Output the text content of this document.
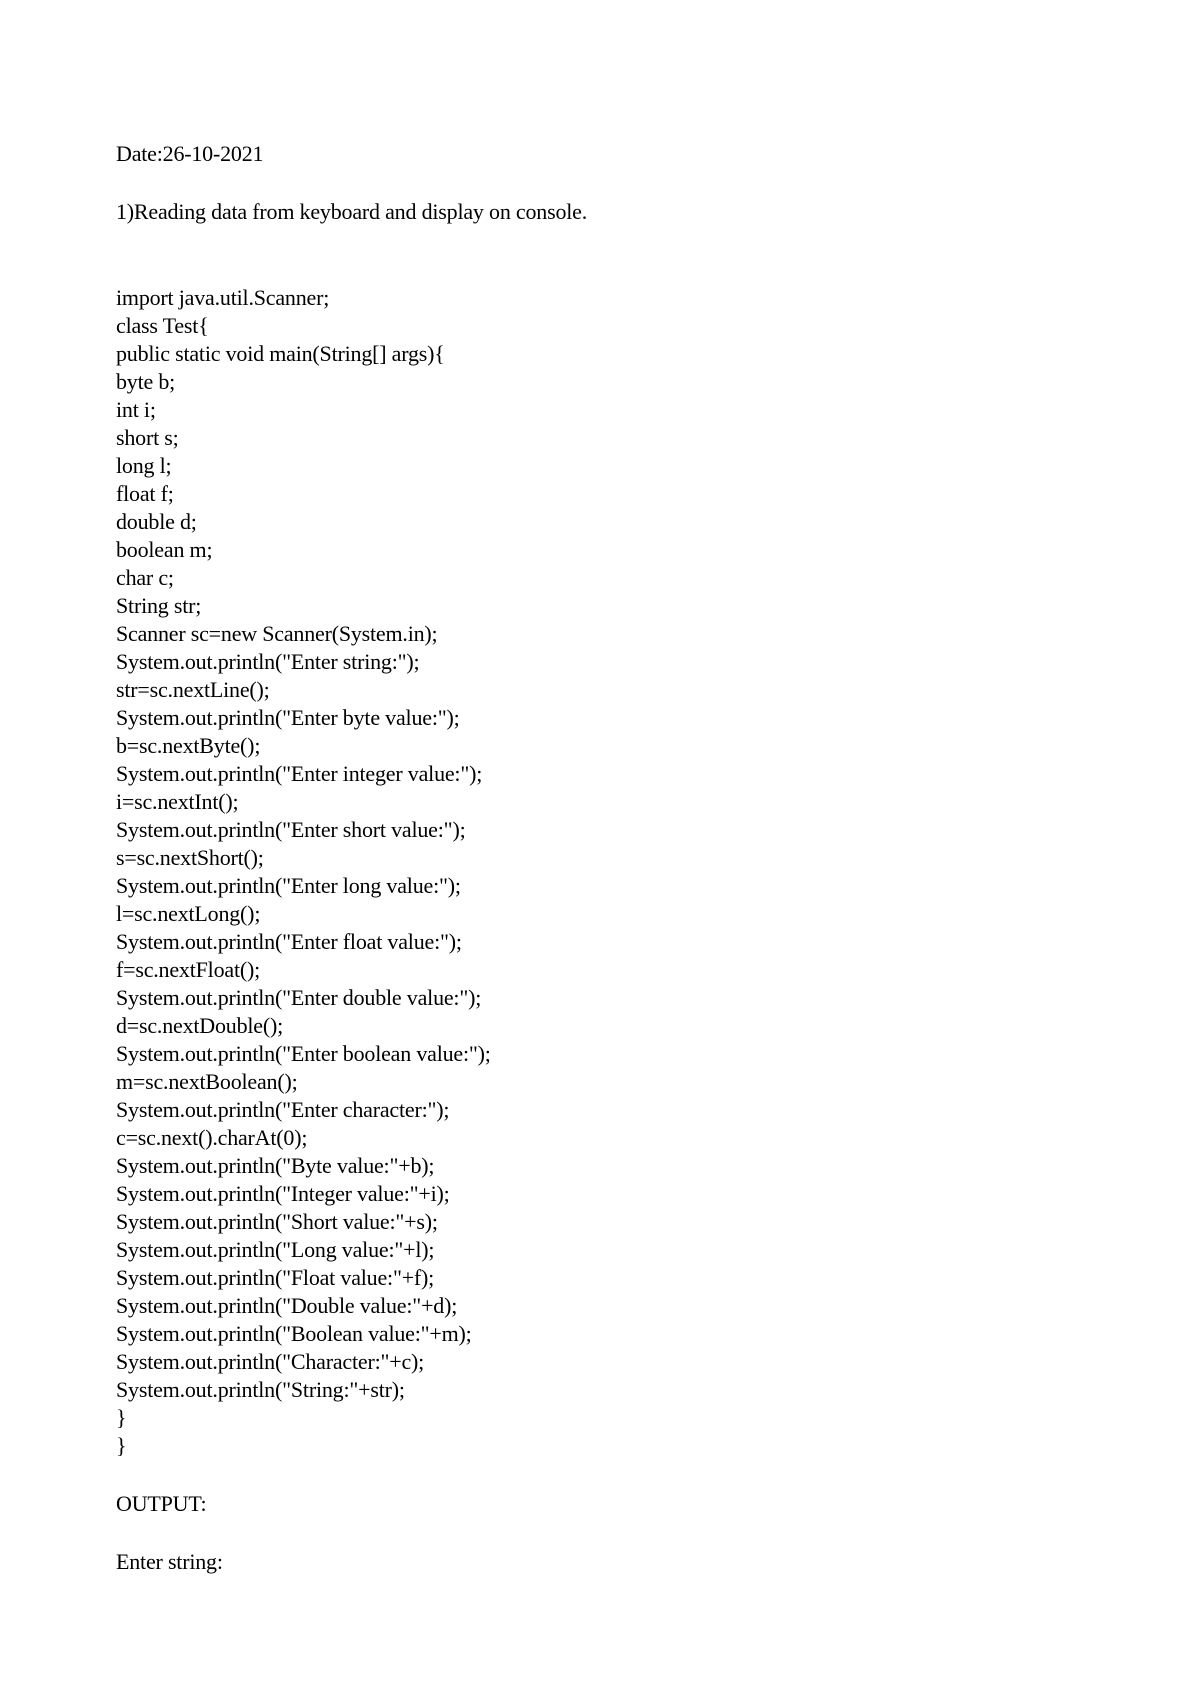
Date:26-10-2021
1)Reading data from keyboard and display on console.
import java.util.Scanner;
class Test{
public static void main(String[] args){
byte b;
int i;
short s;
long l;
float f;
double d;
boolean m;
char c;
String str;
Scanner sc=new Scanner(System.in);
System.out.println("Enter string:");
str=sc.nextLine();
System.out.println("Enter byte value:");
b=sc.nextByte();
System.out.println("Enter integer value:");
i=sc.nextInt();
System.out.println("Enter short value:");
s=sc.nextShort();
System.out.println("Enter long value:");
l=sc.nextLong();
System.out.println("Enter float value:");
f=sc.nextFloat();
System.out.println("Enter double value:");
d=sc.nextDouble();
System.out.println("Enter boolean value:");
m=sc.nextBoolean();
System.out.println("Enter character:");
c=sc.next().charAt(0);
System.out.println("Byte value:"+b);
System.out.println("Integer value:"+i);
System.out.println("Short value:"+s);
System.out.println("Long value:"+l);
System.out.println("Float value:"+f);
System.out.println("Double value:"+d);
System.out.println("Boolean value:"+m);
System.out.println("Character:"+c);
System.out.println("String:"+str);
}
}
OUTPUT:
Enter string:
